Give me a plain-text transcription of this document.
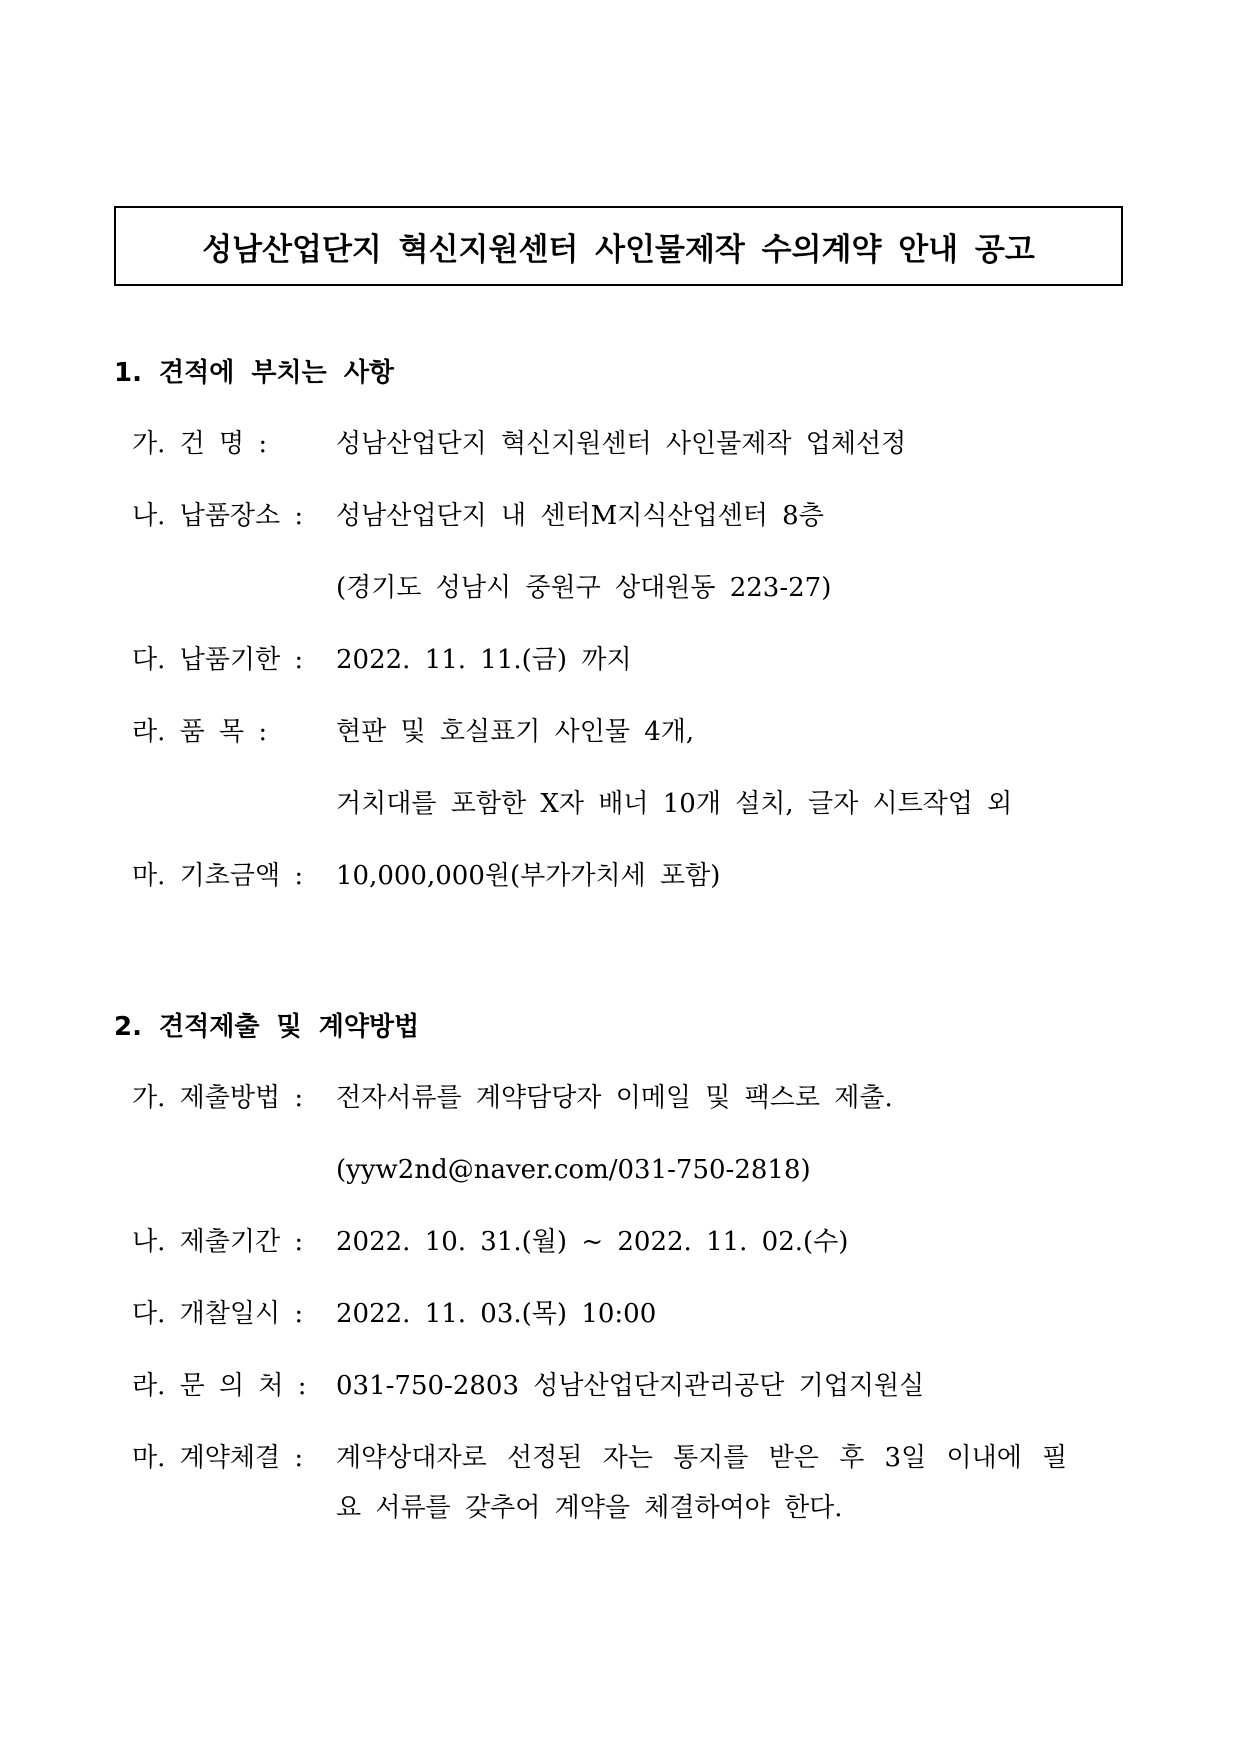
성남산업단지 혁신지원센터 사인물제작 수의계약 안내 공고
1. 견적에 부치는 사항
가. 건 명 :	성남산업단지 혁신지원센터 사인물제작 업체선정
나. 납품장소 :	성남산업단지 내 센터M지식산업센터 8층
(경기도 성남시 중원구 상대원동 223-27)
다. 납품기한 :	2022. 11. 11.(금) 까지
라. 품 목 :	현판 및 호실표기 사인물 4개,
거치대를 포함한 X자 배너 10개 설치, 글자 시트작업 외
마. 기초금액 :	10,000,000원(부가가치세 포함)
2. 견적제출 및 계약방법
가. 제출방법 :	전자서류를 계약담당자 이메일 및 팩스로 제출.
(yyw2nd@naver.com/031-750-2818)
나. 제출기간 :	2022. 10. 31.(월) ~ 2022. 11. 02.(수)
다. 개찰일시 :	2022. 11. 03.(목) 10:00
라. 문 의 처 :	031-750-2803 성남산업단지관리공단 기업지원실
마. 계약체결 :	계약상대자로 선정된 자는 통지를 받은 후 3일 이내에 필
요 서류를 갖추어 계약을 체결하여야 한다.
